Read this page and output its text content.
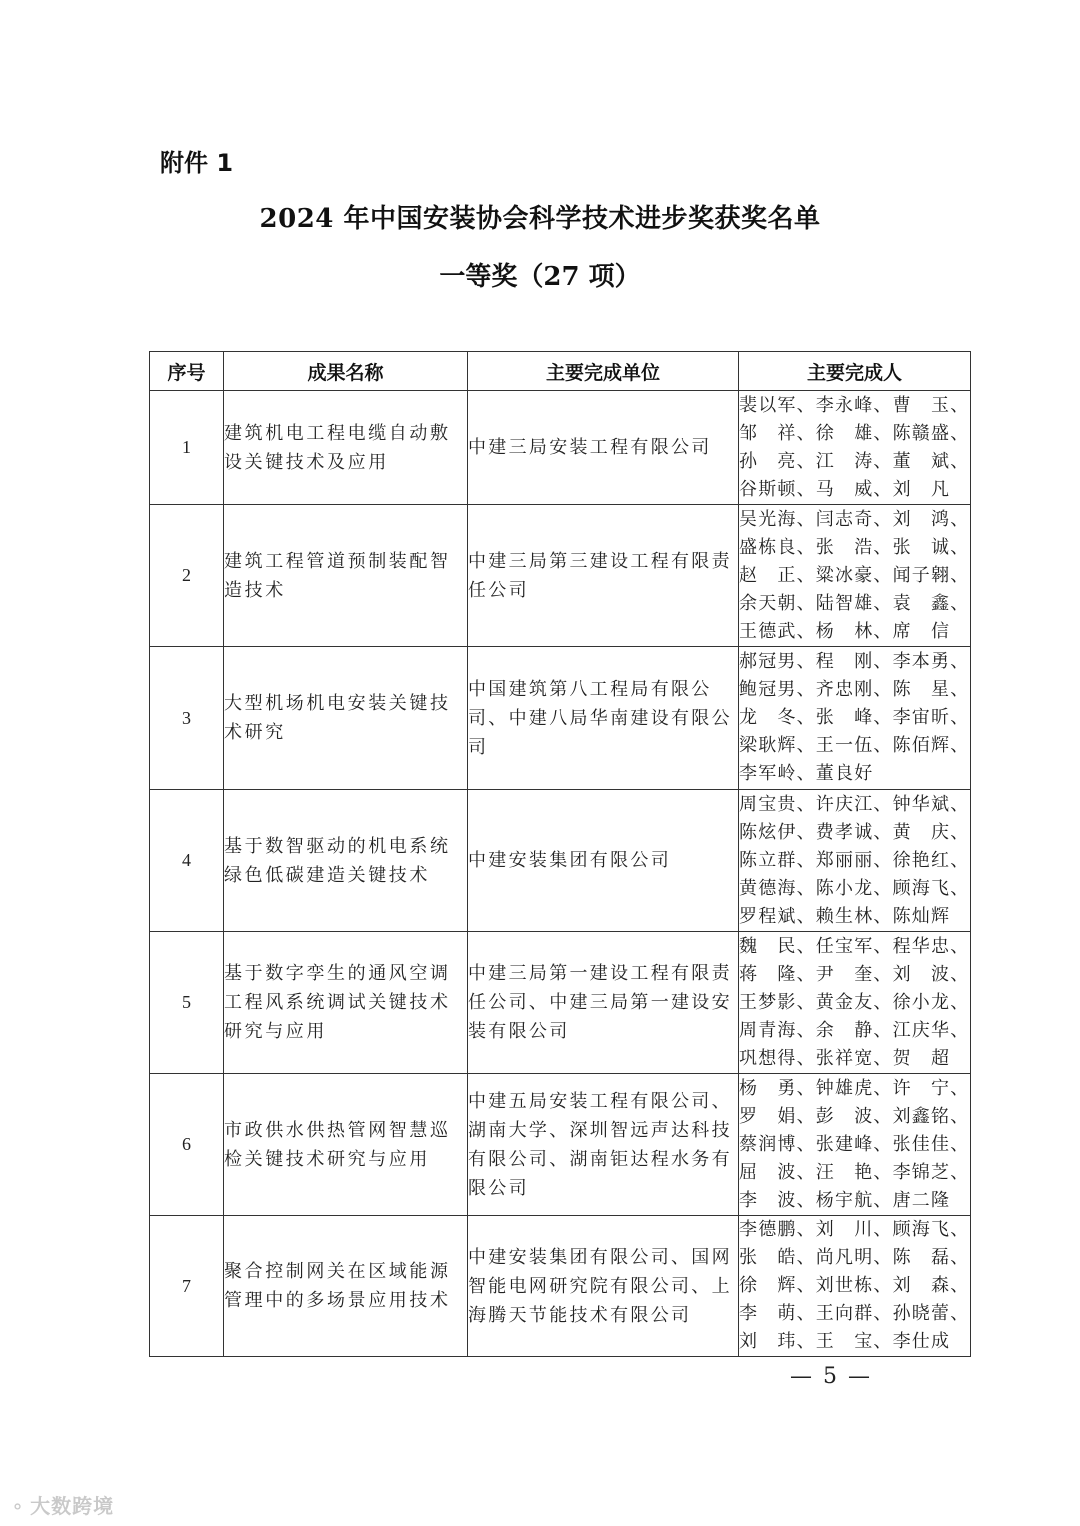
附件 1
2024 年中国安装协会科学技术进步奖获奖名单
一等奖（27 项）
序号	成果名称	主要完成单位	主要完成人
1	建筑机电工程电缆自动敷设关键技术及应用	中建三局安装工程有限公司	裴以军、李永峰、曹　玉、
邹　祥、徐　雄、陈赣盛、
孙　亮、江　涛、董　斌、
谷斯顿、马　威、刘　凡

2	建筑工程管道预制装配智造技术	中建三局第三建设工程有限责任公司	吴光海、闫志奇、刘　鸿、
盛栋良、张　浩、张　诚、
赵　正、粱冰豪、闻子翱、
余天朝、陆智雄、袁　鑫、
王德武、杨　林、席　信

3	大型机场机电安装关键技术研究	中国建筑第八工程局有限公司、中建八局华南建设有限公司	郝冠男、程　刚、李本勇、
鲍冠男、齐忠刚、陈　星、
龙　冬、张　峰、李宙昕、
梁耿辉、王一伍、陈佰辉、
李军岭、董良好

4	基于数智驱动的机电系统绿色低碳建造关键技术	中建安装集团有限公司	周宝贵、许庆江、钟华斌、
陈炫伊、费孝诚、黄　庆、
陈立群、郑丽丽、徐艳红、
黄德海、陈小龙、顾海飞、
罗程斌、赖生林、陈灿辉

5	基于数字孪生的通风空调工程风系统调试关键技术研究与应用	中建三局第一建设工程有限责任公司、中建三局第一建设安装有限公司	魏　民、任宝军、程华忠、
蒋　隆、尹　奎、刘　波、
王梦影、黄金友、徐小龙、
周青海、余　静、江庆华、
巩想得、张祥宽、贺　超

6	市政供水供热管网智慧巡检关键技术研究与应用	中建五局安装工程有限公司、湖南大学、深圳智远声达科技有限公司、湖南钜达程水务有限公司	杨　勇、钟雄虎、许　宁、
罗　娟、彭　波、刘鑫铭、
蔡润博、张建峰、张佳佳、
屈　波、汪　艳、李锦芝、
李　波、杨宇航、唐二隆

7	聚合控制网关在区域能源管理中的多场景应用技术	中建安装集团有限公司、国网智能电网研究院有限公司、上海腾天节能技术有限公司	李德鹏、刘　川、顾海飞、
张　皓、尚凡明、陈　磊、
徐　辉、刘世栋、刘　森、
李　萌、王向群、孙晓蕾、
刘　玮、王　宝、李仕成
— 5 —
⚬ 大数跨境
